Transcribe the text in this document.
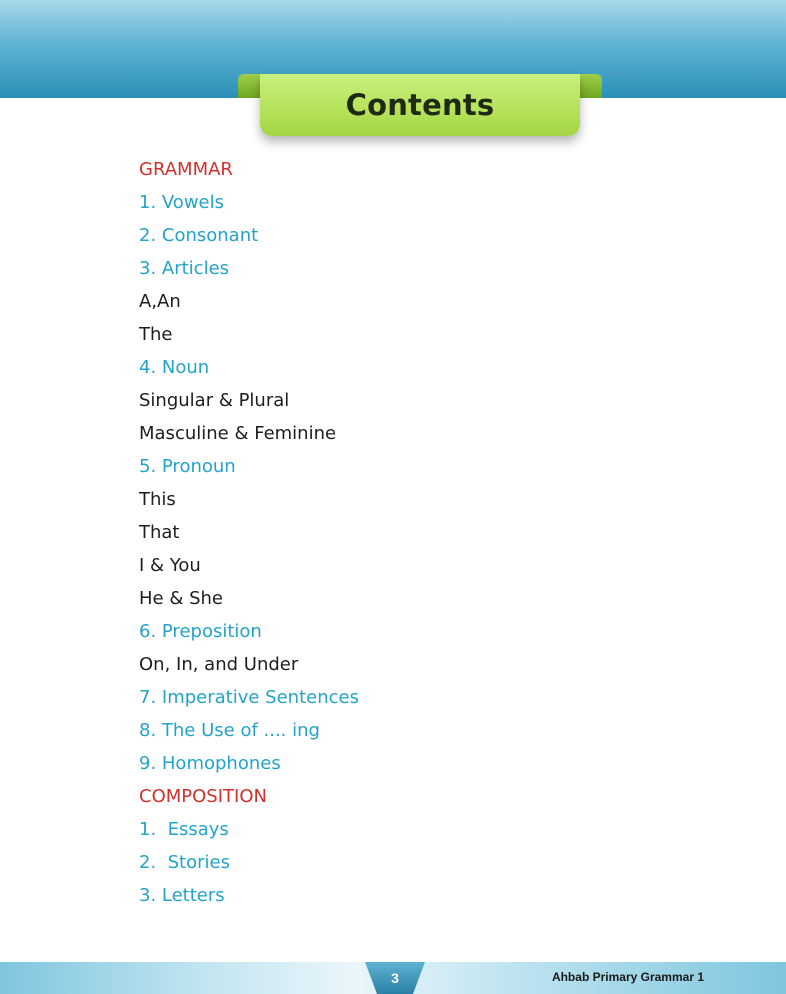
Contents
GRAMMAR
1. Vowels
2. Consonant
3. Articles
A,An
The
4. Noun
Singular & Plural
Masculine & Feminine
5. Pronoun
This
That
I & You
He & She
6. Preposition
On, In, and Under
7. Imperative Sentences
8. The Use of .... ing
9. Homophones
COMPOSITION
1.  Essays
2.  Stories
3. Letters
3	Ahbab Primary Grammar 1
